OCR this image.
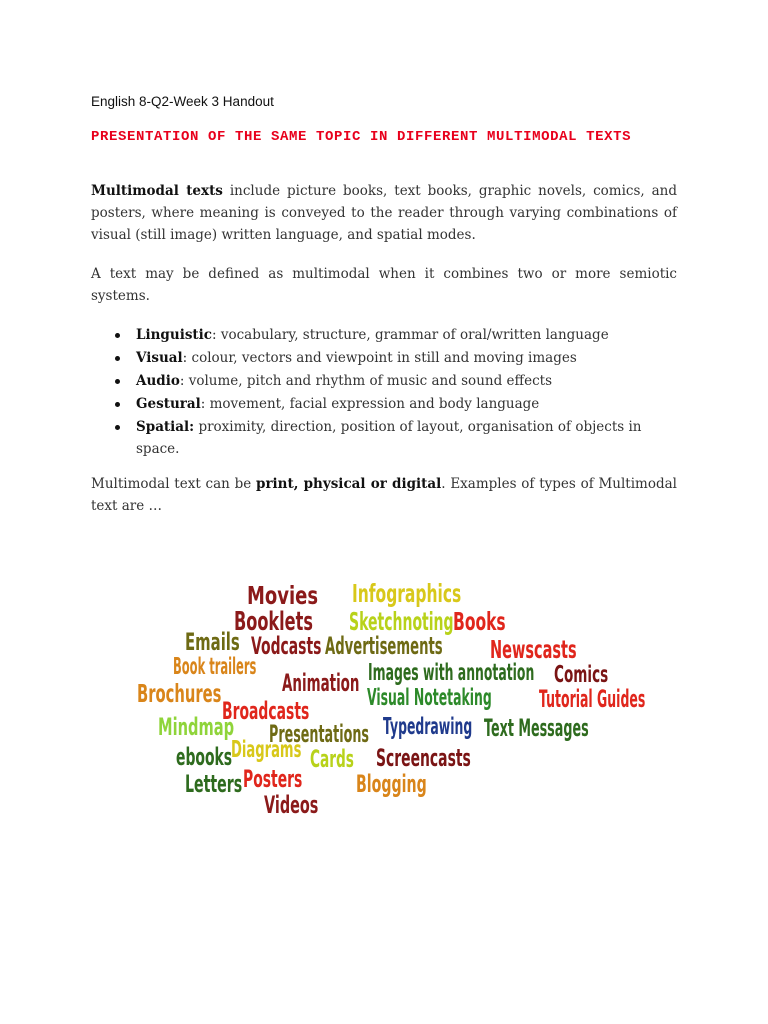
English 8-Q2-Week 3 Handout
PRESENTATION OF THE SAME TOPIC IN DIFFERENT MULTIMODAL TEXTS
Multimodal texts include picture books, text books, graphic novels, comics, and posters, where meaning is conveyed to the reader through varying combinations of visual (still image) written language, and spatial modes.
A text may be defined as multimodal when it combines two or more semiotic systems.
Linguistic: vocabulary, structure, grammar of oral/written language
Visual: colour, vectors and viewpoint in still and moving images
Audio: volume, pitch and rhythm of music and sound effects
Gestural: movement, facial expression and body language
Spatial: proximity, direction, position of layout, organisation of objects in space.
Multimodal text can be print, physical or digital. Examples of types of Multimodal text are …
Movies Infographics
Booklets Sketchnoting Books
Emails Vodcasts Advertisements Newscasts
Book trailers	Images with annotation Comics
Animation
Brochures	Visual Notetaking Tutorial Guides
Mindmap
Broadcasts
Presentations Typedrawing Text Messages
ebooks
Diagrams Cards Screencasts
Letters Posters Blogging
Videos
